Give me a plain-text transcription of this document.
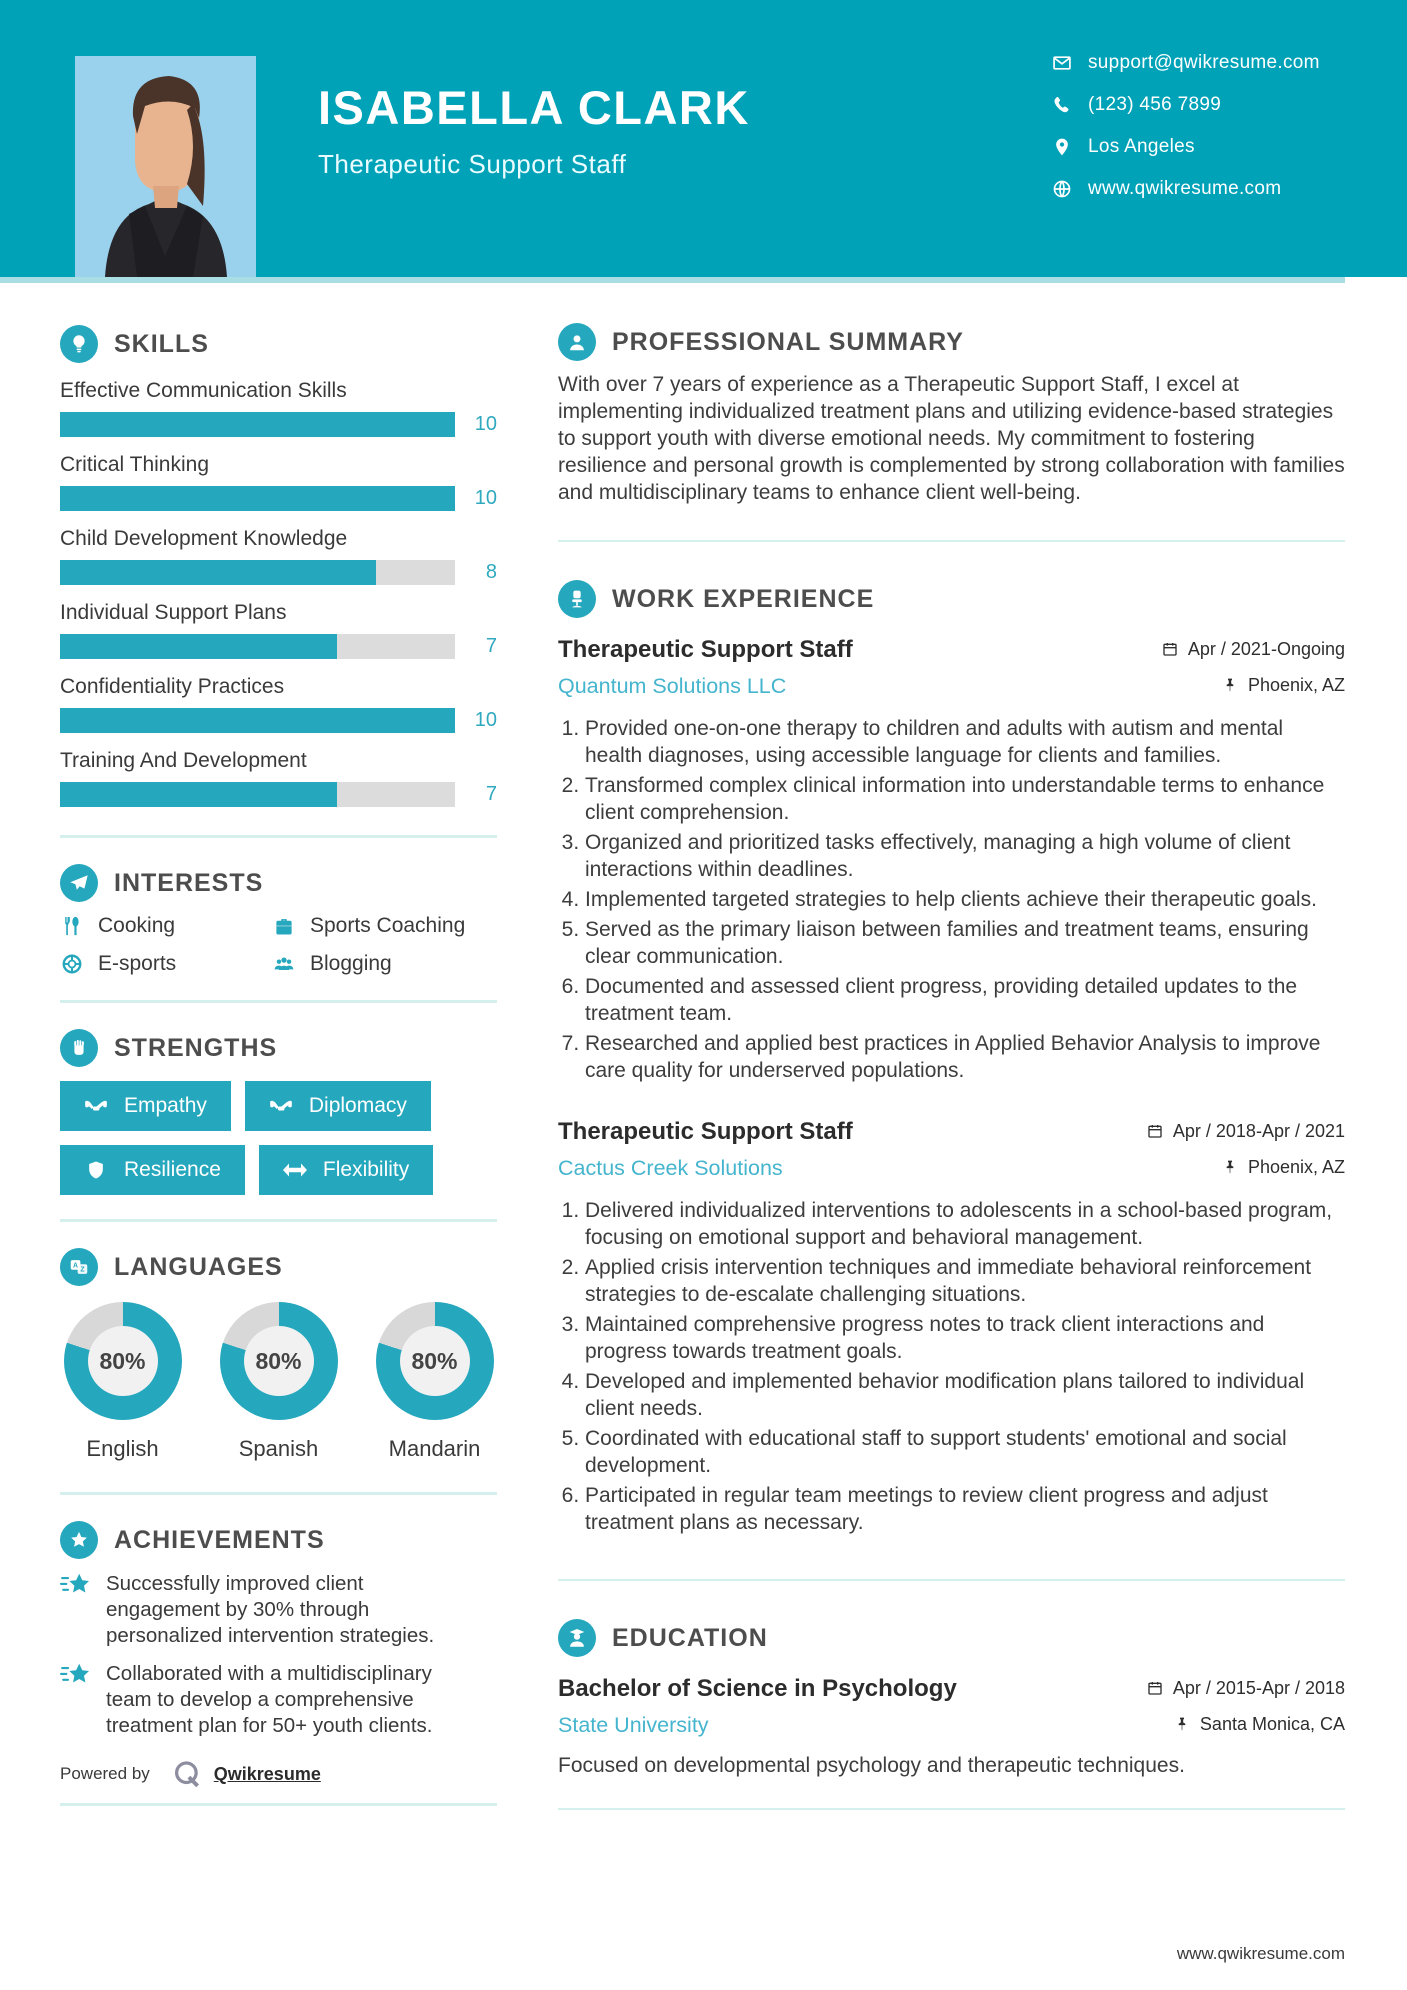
ISABELLA CLARK
Therapeutic Support Staff
support@qwikresume.com
(123) 456 7899
Los Angeles
www.qwikresume.com
SKILLS
Effective Communication Skills
10
Critical Thinking
10
Child Development Knowledge
8
Individual Support Plans
7
Confidentiality Practices
10
Training And Development
7
INTERESTS
Cooking	Sports Coaching
E-sports	Blogging
STRENGTHS
Empathy	Diplomacy
Resilience	Flexibility
A
Z LANGUAGES
80%
English
80%
Spanish
80%
Mandarin
ACHIEVEMENTS
Successfully improved client engagement by 30% through personalized intervention strategies.
Collaborated with a multidisciplinary team to develop a comprehensive treatment plan for 50+ youth clients.
Powered by	Qwikresume
PROFESSIONAL SUMMARY

With over 7 years of experience as a Therapeutic Support Staff, I excel at implementing individualized treatment plans and utilizing evidence-based strategies to support youth with diverse emotional needs. My commitment to fostering resilience and personal growth is complemented by strong collaboration with families and multidisciplinary teams to enhance client well-being.

WORK EXPERIENCE
Therapeutic Support Staff	Apr / 2021-Ongoing
Quantum Solutions LLC	Phoenix, AZ
1. Provided one-on-one therapy to children and adults with autism and mental health diagnoses, using accessible language for clients and families.
2. Transformed complex clinical information into understandable terms to enhance client comprehension.
3. Organized and prioritized tasks effectively, managing a high volume of client interactions within deadlines.
4. Implemented targeted strategies to help clients achieve their therapeutic goals.
5. Served as the primary liaison between families and treatment teams, ensuring clear communication.
6. Documented and assessed client progress, providing detailed updates to the treatment team.
7. Researched and applied best practices in Applied Behavior Analysis to improve care quality for underserved populations.
Therapeutic Support Staff	Apr / 2018-Apr / 2021
Cactus Creek Solutions	Phoenix, AZ
1. Delivered individualized interventions to adolescents in a school-based program, focusing on emotional support and behavioral management.
2. Applied crisis intervention techniques and immediate behavioral reinforcement strategies to de-escalate challenging situations.
3. Maintained comprehensive progress notes to track client interactions and progress towards treatment goals.
4. Developed and implemented behavior modification plans tailored to individual client needs.
5. Coordinated with educational staff to support students' emotional and social development.
6. Participated in regular team meetings to review client progress and adjust treatment plans as necessary.
EDUCATION
Bachelor of Science in Psychology	Apr / 2015-Apr / 2018
State University	Santa Monica, CA

Focused on developmental psychology and therapeutic techniques.

www.qwikresume.com
